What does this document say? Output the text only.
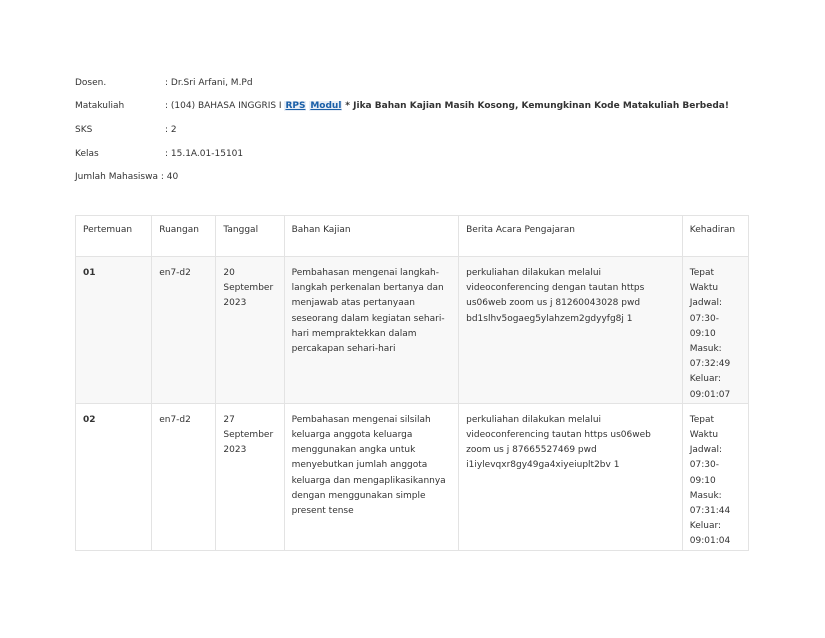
Dosen.	: Dr.Sri Arfani, M.Pd
Matakuliah	: (104) BAHASA INGGRIS I RPS Modul * Jika Bahan Kajian Masih Kosong, Kemungkinan Kode Matakuliah Berbeda!
SKS	: 2
Kelas	: 15.1A.01-15101
Jumlah Mahasiswa : 40
Pertemuan	Ruangan	Tanggal	Bahan Kajian	Berita Acara Pengajaran	Kehadiran
01	en7-d2	20 September 2023	Pembahasan mengenai langkah-langkah perkenalan bertanya dan menjawab atas pertanyaan seseorang dalam kegiatan sehari-hari mempraktekkan dalam percakapan sehari-hari	perkuliahan dilakukan melalui videoconferencing dengan tautan https us06web zoom us j 81260043028 pwd bd1slhv5ogaeg5ylahzem2gdyyfg8j 1	Tepat Waktu Jadwal: 07:30-09:10 Masuk: 07:32:49 Keluar: 09:01:07
02	en7-d2	27 September 2023	Pembahasan mengenai silsilah keluarga anggota keluarga menggunakan angka untuk menyebutkan jumlah anggota keluarga dan mengaplikasikannya dengan menggunakan simple present tense	perkuliahan dilakukan melalui videoconferencing tautan https us06web zoom us j 87665527469 pwd i1iylevqxr8gy49ga4xiyeiuplt2bv 1	Tepat Waktu Jadwal: 07:30-09:10 Masuk: 07:31:44 Keluar: 09:01:04
